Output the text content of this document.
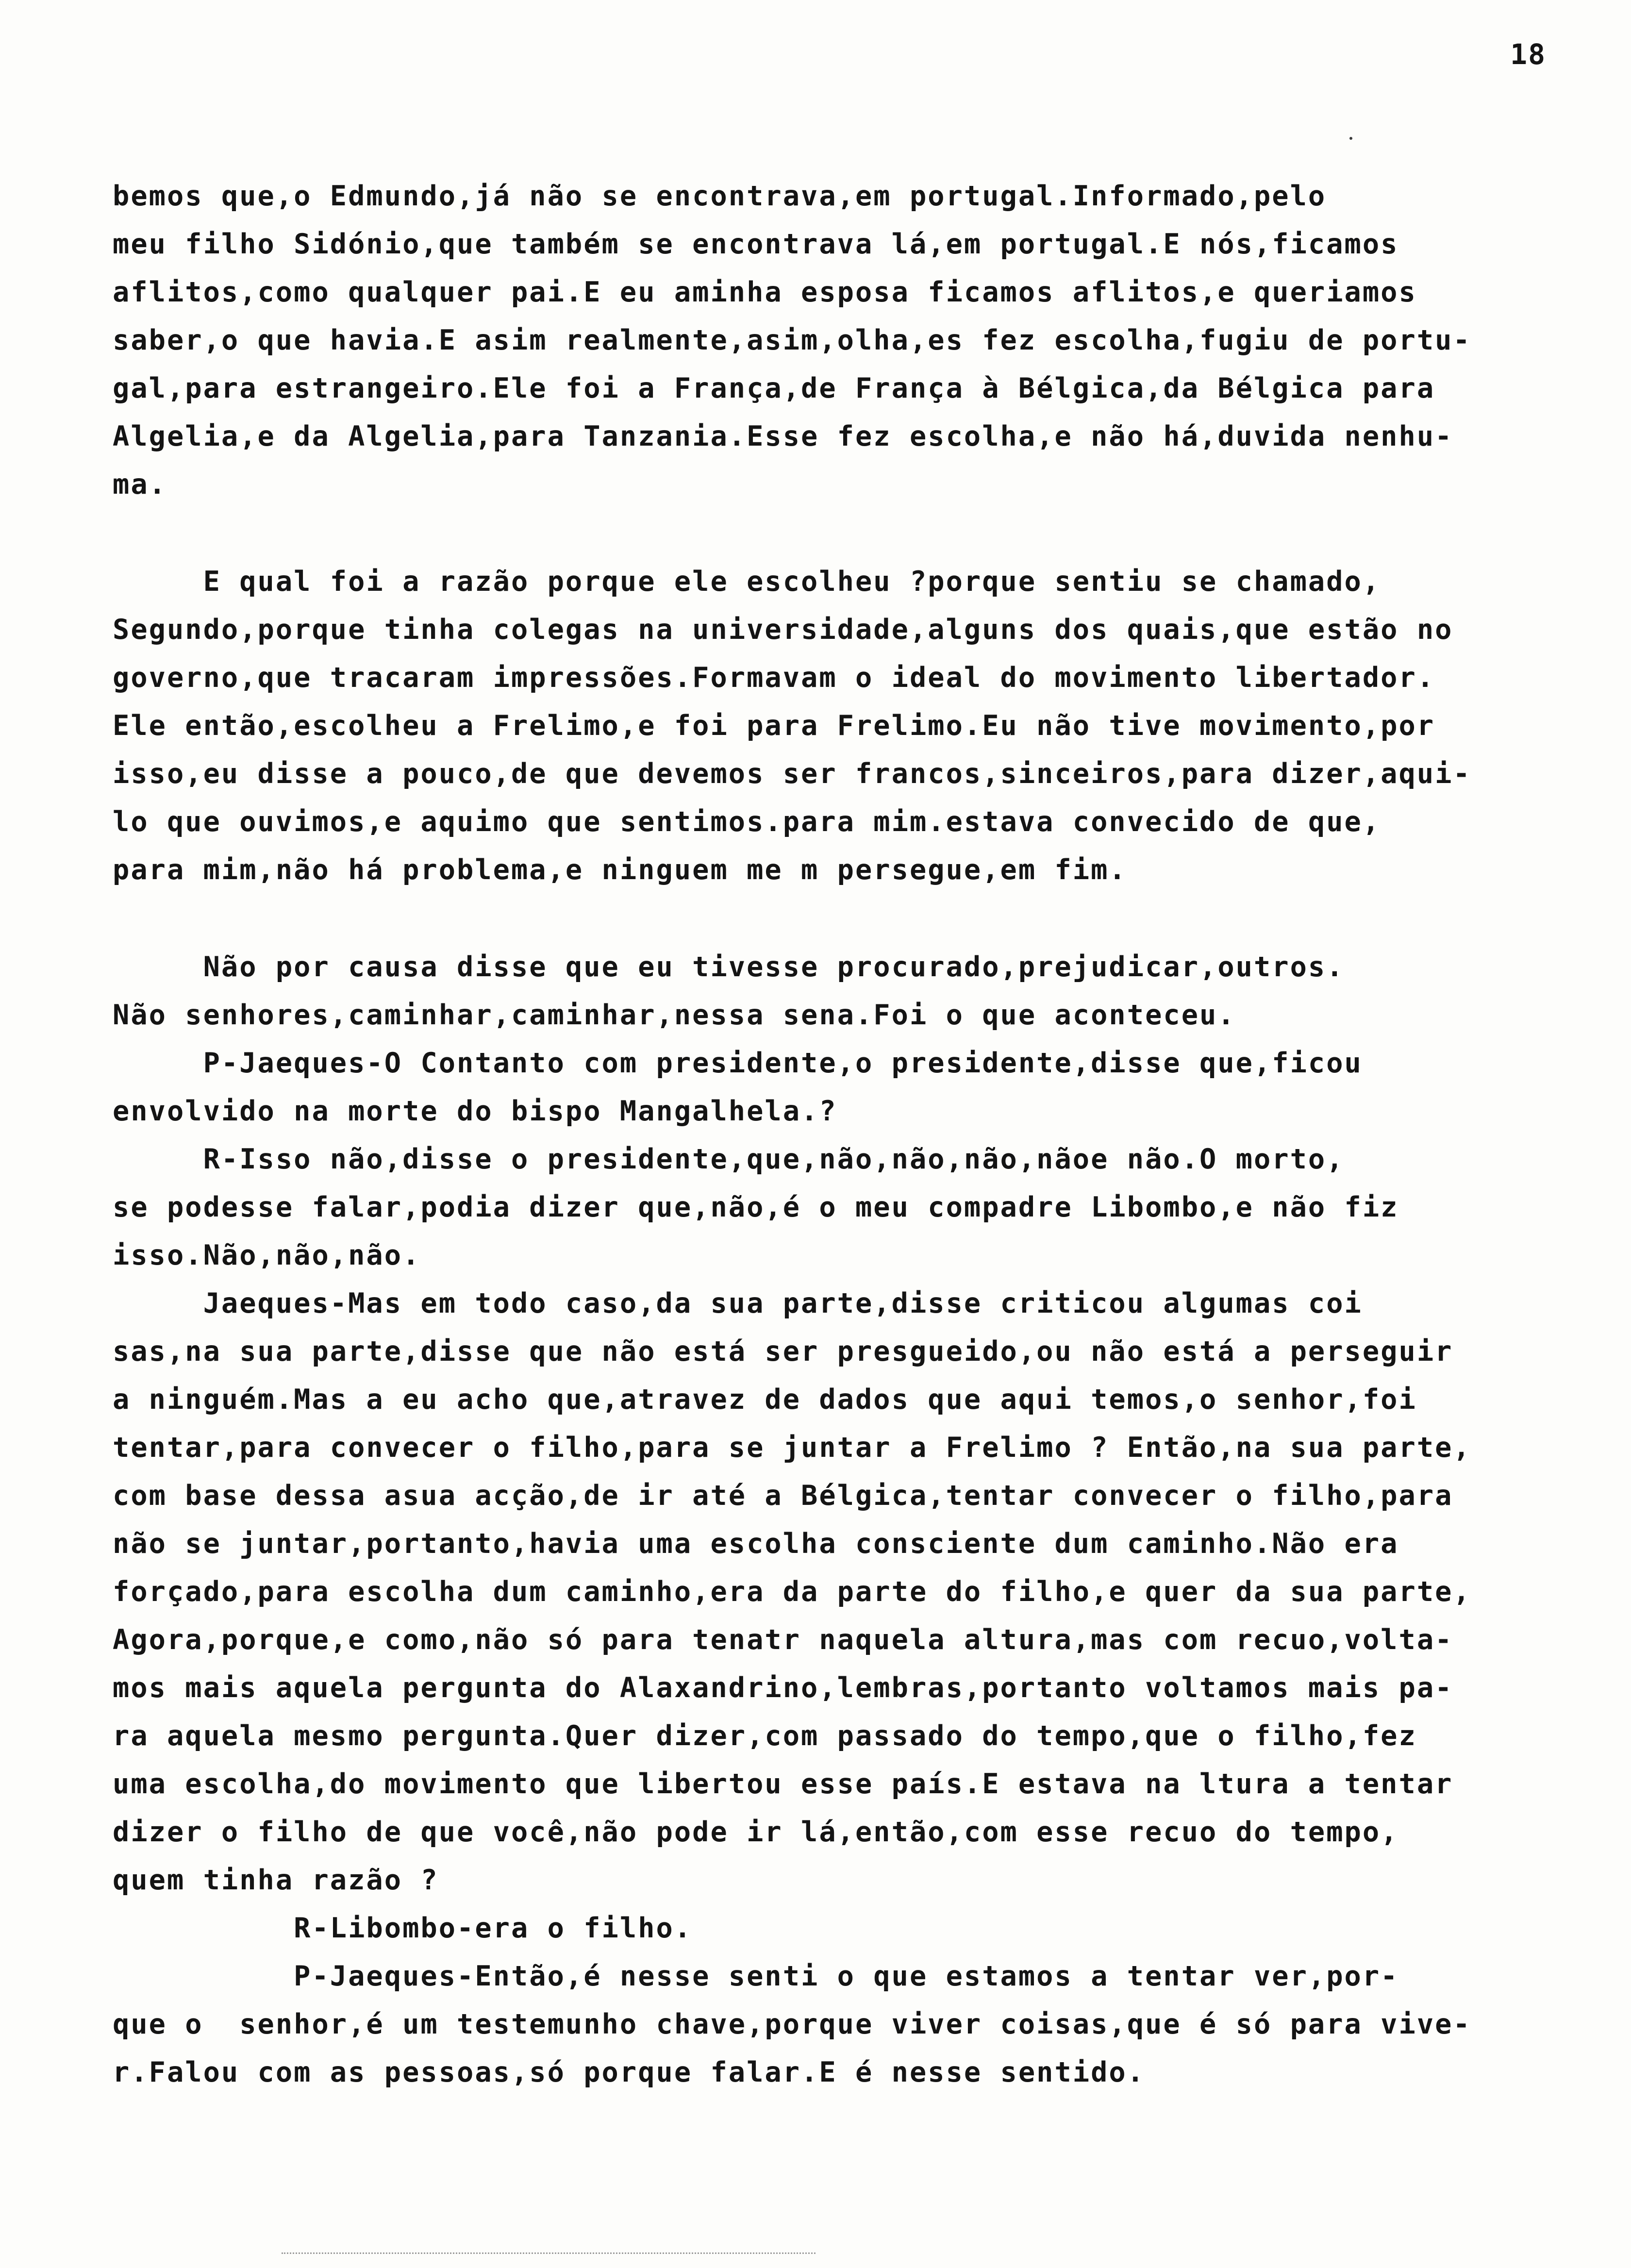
18
bemos que,o Edmundo,já não se encontrava,em portugal.Informado,pelo
meu filho Sidónio,que também se encontrava lá,em portugal.E nós,ficamos
aflitos,como qualquer pai.E eu aminha esposa ficamos aflitos,e queriamos
saber,o que havia.E asim realmente,asim,olha,es fez escolha,fugiu de portu-
gal,para estrangeiro.Ele foi a França,de França à Bélgica,da Bélgica para
Algelia,e da Algelia,para Tanzania.Esse fez escolha,e não há,duvida nenhu-
ma.
E qual foi a razão porque ele escolheu ?porque sentiu se chamado,
Segundo,porque tinha colegas na universidade,alguns dos quais,que estão no
governo,que tracaram impressões.Formavam o ideal do movimento libertador.
Ele então,escolheu a Frelimo,e foi para Frelimo.Eu não tive movimento,por
isso,eu disse a pouco,de que devemos ser francos,sinceiros,para dizer,aqui-
lo que ouvimos,e aquimo que sentimos.para mim.estava convecido de que,
para mim,não há problema,e ninguem me m persegue,em fim.
Não por causa disse que eu tivesse procurado,prejudicar,outros.
Não senhores,caminhar,caminhar,nessa sena.Foi o que aconteceu.
P-Jaeques-O Contanto com presidente,o presidente,disse que,ficou
envolvido na morte do bispo Mangalhela.?
R-Isso não,disse o presidente,que,não,não,não,nãoe não.O morto,
se podesse falar,podia dizer que,não,é o meu compadre Libombo,e não fiz
isso.Não,não,não.
Jaeques-Mas em todo caso,da sua parte,disse criticou algumas coi
sas,na sua parte,disse que não está ser presgueido,ou não está a perseguir
a ninguém.Mas a eu acho que,atravez de dados que aqui temos,o senhor,foi
tentar,para convecer o filho,para se juntar a Frelimo ? Então,na sua parte,
com base dessa asua acção,de ir até a Bélgica,tentar convecer o filho,para
não se juntar,portanto,havia uma escolha consciente dum caminho.Não era
forçado,para escolha dum caminho,era da parte do filho,e quer da sua parte,
Agora,porque,e como,não só para tenatr naquela altura,mas com recuo,voltа-
mos mais aquela pergunta do Alaxandrino,lembras,portanto voltamos mais pa-
ra aquela mesmo pergunta.Quer dizer,com passado do tempo,que o filho,fez
uma escolha,do movimento que libertou esse país.E estava na ltura a tentar
dizer o filho de que você,não pode ir lá,então,com esse recuo do tempo,
quem tinha razão ?
R-Libombo-era o filho.
P-Jaeques-Então,é nesse senti o que estamos a tentar ver,por-
que o  senhor,é um testemunho chave,porque viver coisas,que é só para vive-
r.Falou com as pessoas,só porque falar.E é nesse sentido.
